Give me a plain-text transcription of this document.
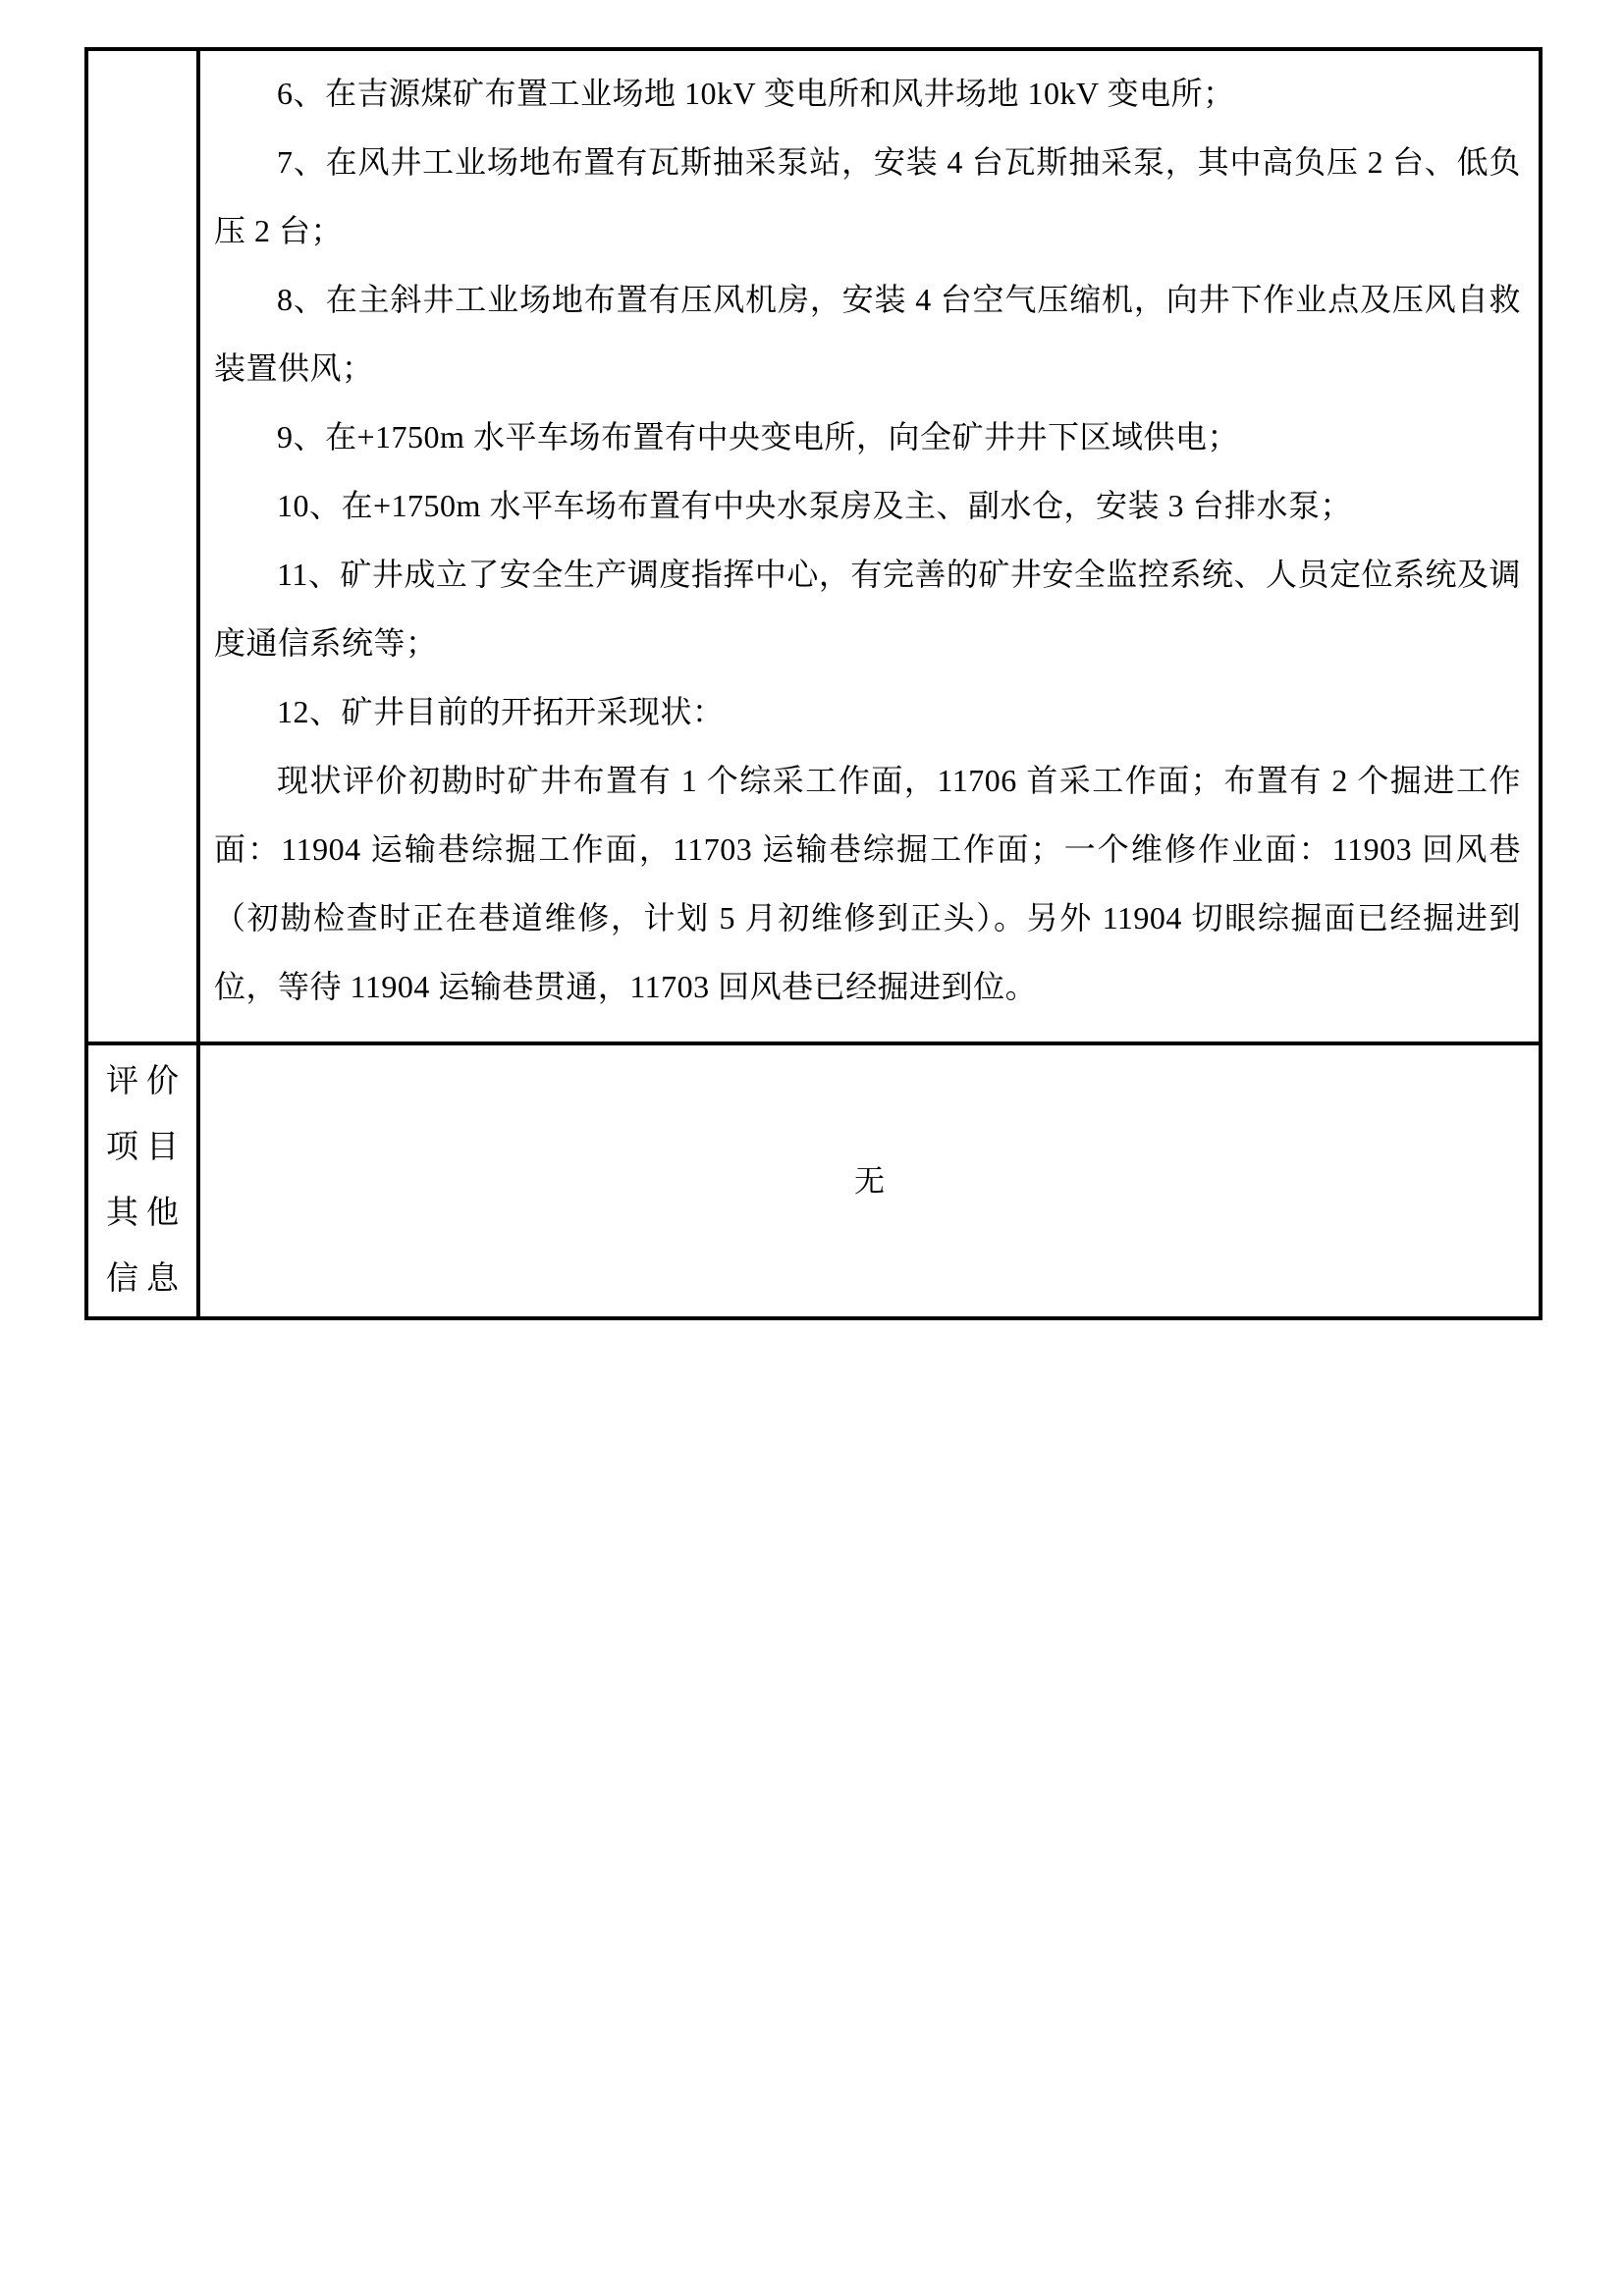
6、在吉源煤矿布置工业场地 10kV 变电所和风井场地 10kV 变电所；

7、在风井工业场地布置有瓦斯抽采泵站，安装 4 台瓦斯抽采泵，其中高负压 2 台、低负压 2 台；

8、在主斜井工业场地布置有压风机房，安装 4 台空气压缩机，向井下作业点及压风自救装置供风；

9、在+1750m 水平车场布置有中央变电所，向全矿井井下区域供电；

10、在+1750m 水平车场布置有中央水泵房及主、副水仓，安装 3 台排水泵；

11、矿井成立了安全生产调度指挥中心，有完善的矿井安全监控系统、人员定位系统及调度通信系统等；

12、矿井目前的开拓开采现状：

现状评价初勘时矿井布置有 1 个综采工作面，11706 首采工作面；布置有 2 个掘进工作面：11904 运输巷综掘工作面，11703 运输巷综掘工作面；一个维修作业面：11903 回风巷（初勘检查时正在巷道维修，计划 5 月初维修到正头）。另外 11904 切眼综掘面已经掘进到位，等待 11904 运输巷贯通，11703 回风巷已经掘进到位。

评价
项目
其他
信息
无
